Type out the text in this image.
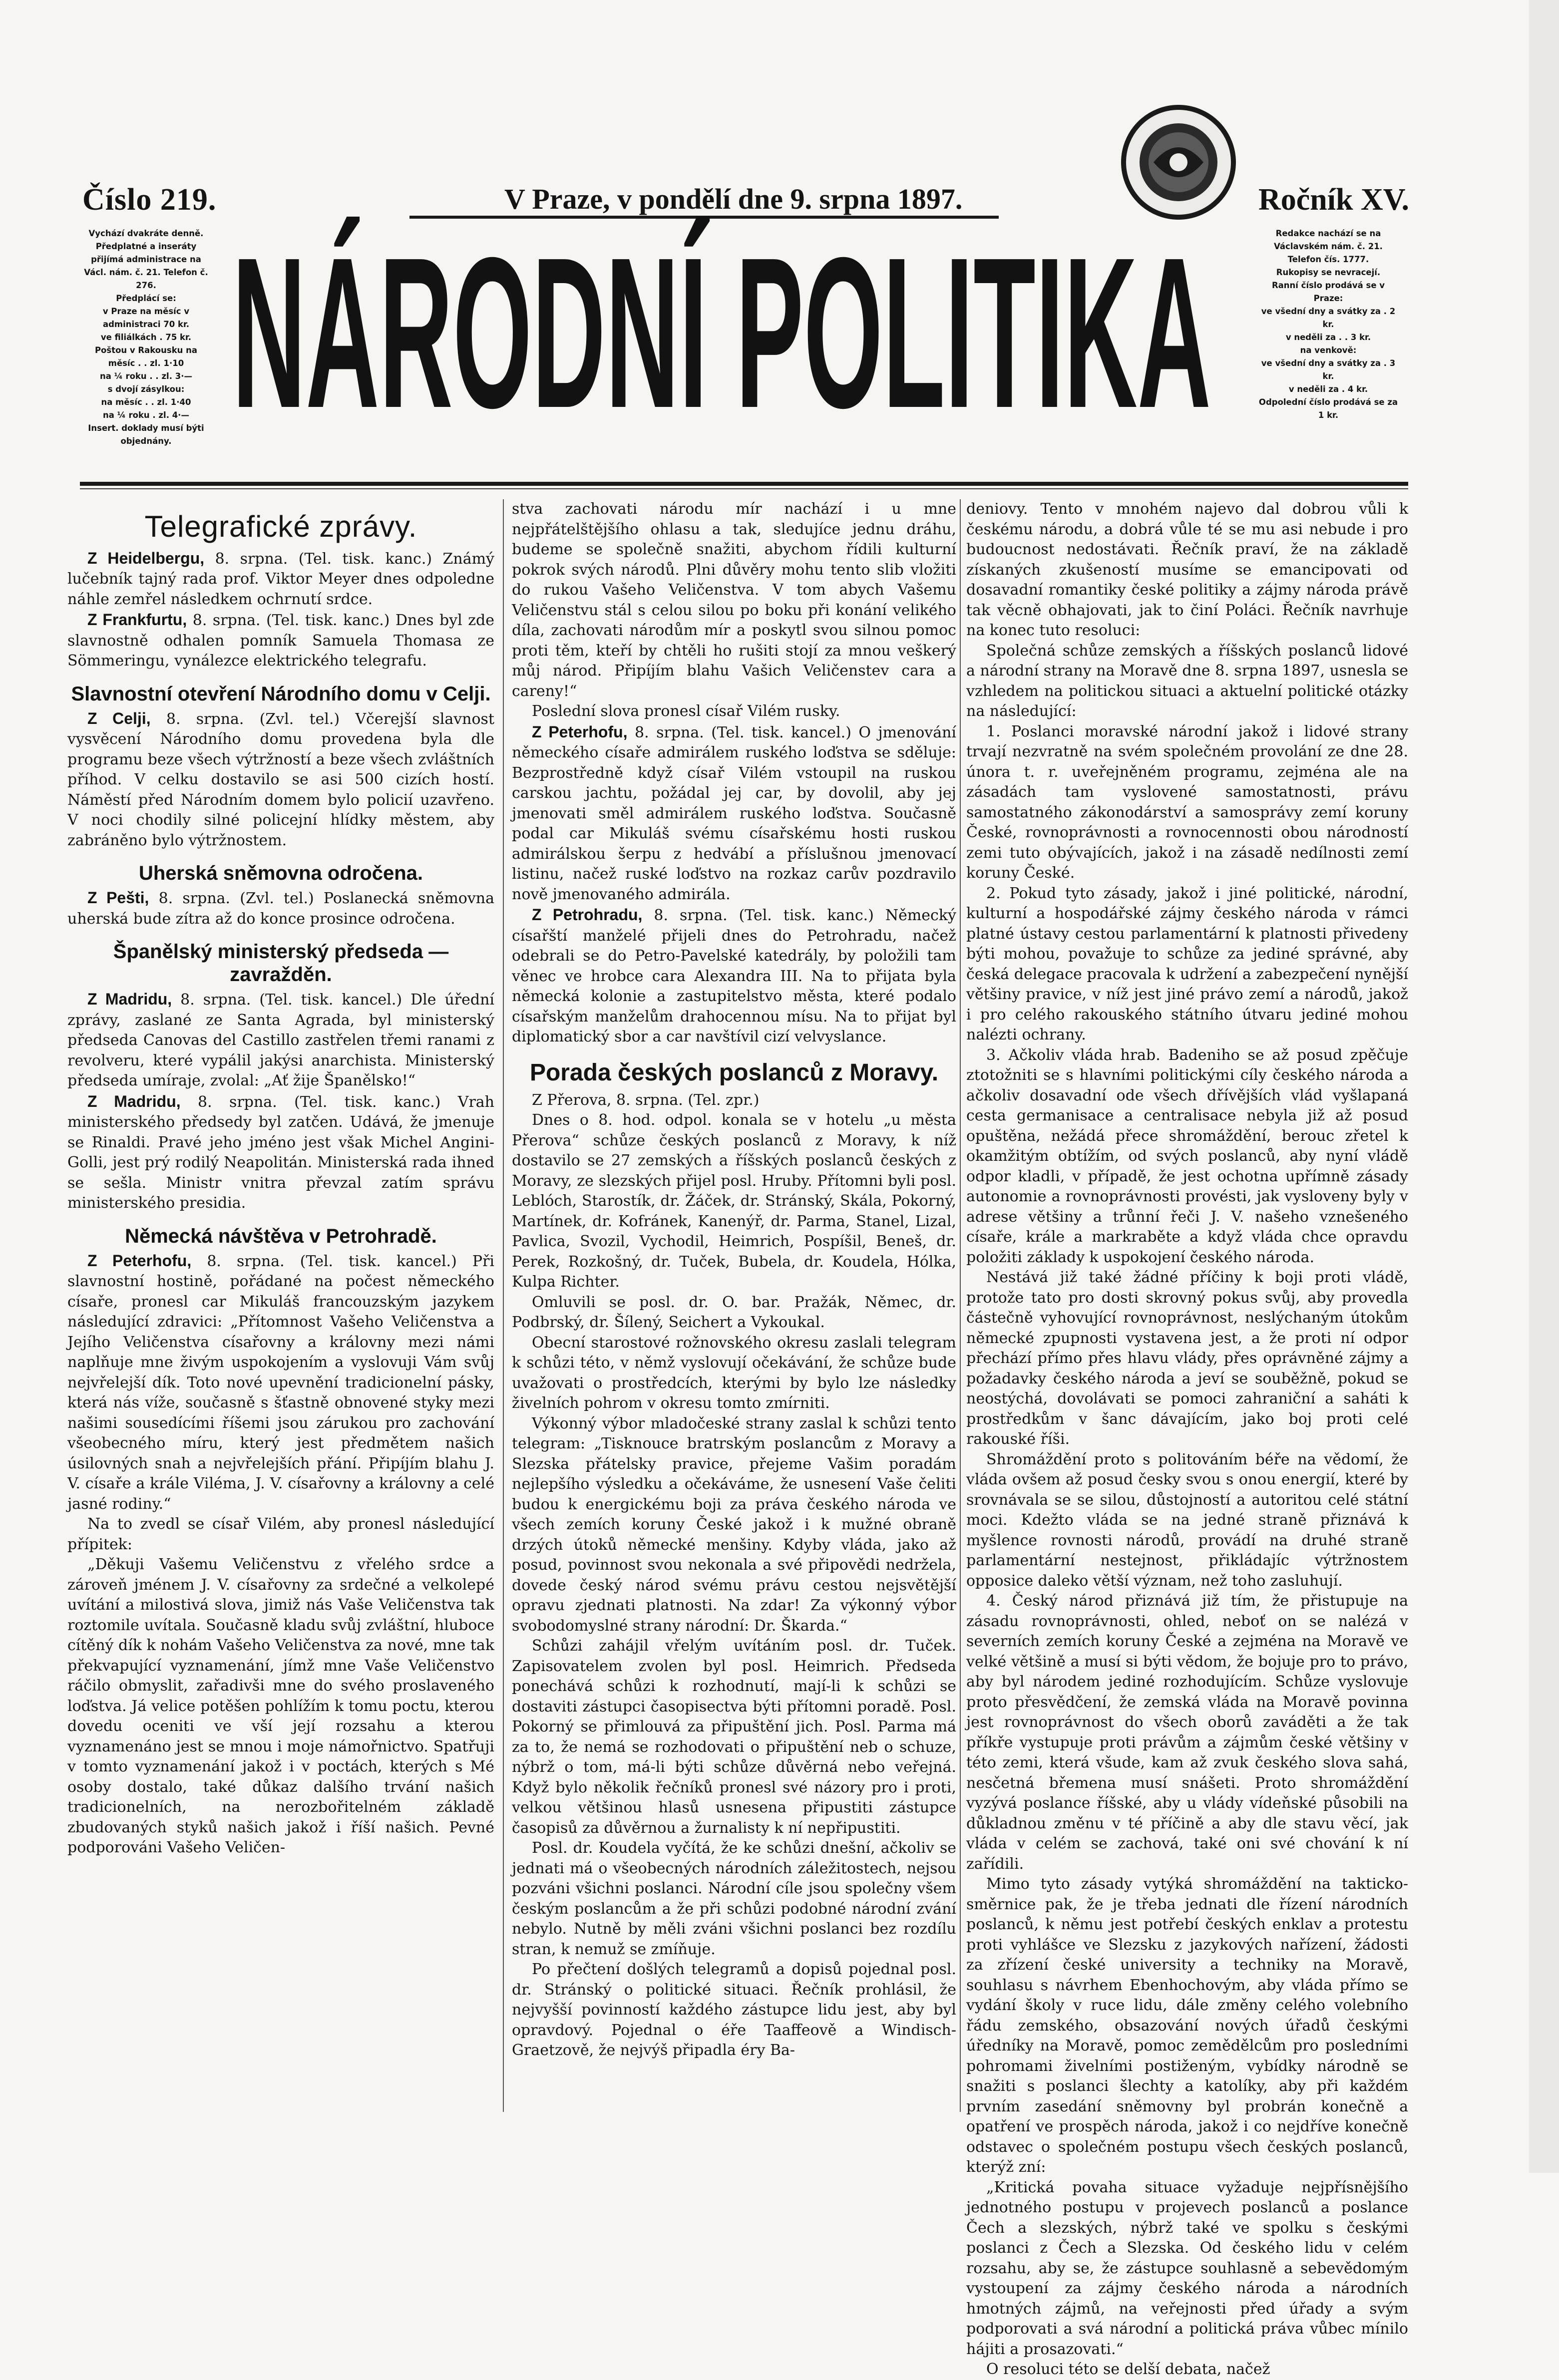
Číslo 219.	V Praze, v pondělí dne 9. srpna 1897.	Ročník XV.
NÁRODNÍ POLITIKA

Vychází dvakráte denně.

Předplatné a inseráty přijímá administrace na Václ. nám. č. 21. Telefon č. 276.

Předplácí se:

v Praze na měsíc v administraci 70 kr.

ve filiálkách . 75 kr.

Poštou v Rakousku na měsíc . . zl. 1·10

na ¼ roku . . zl. 3·—

s dvojí zásylkou:

na měsíc . . zl. 1·40

na ¼ roku . zl. 4·—

Insert. doklady musí býti objednány.

Redakce nachází se na Václavském nám. č. 21.

Telefon čís. 1777.

Rukopisy se nevracejí.

Ranní číslo prodává se v Praze:

ve všední dny a svátky za . 2 kr.

v neděli za . . 3 kr.

na venkově:

ve všední dny a svátky za . 3 kr.

v neděli za . 4 kr.

Odpolední číslo prodává se za 1 kr.

Telegrafické zprávy.

Z Heidelbergu, 8. srpna. (Tel. tisk. kanc.) Známý lučebník tajný rada prof. Viktor Meyer dnes odpoledne náhle zemřel následkem ochrnutí srdce.

Z Frankfurtu, 8. srpna. (Tel. tisk. kanc.) Dnes byl zde slavnostně odhalen pomník Samuela Thomasa ze Sömmeringu, vynálezce elektrického telegrafu.

Slavnostní otevření Národního domu v Celji.

Z Celji, 8. srpna. (Zvl. tel.) Včerejší slavnost vysvěcení Národního domu provedena byla dle programu beze všech výtržností a beze všech zvláštních příhod. V celku dostavilo se asi 500 cizích hostí. Náměstí před Národním domem bylo policií uzavřeno. V noci chodily silné policejní hlídky městem, aby zabráněno bylo výtržnostem.

Uherská sněmovna odročena.

Z Pešti, 8. srpna. (Zvl. tel.) Poslanecká sněmovna uherská bude zítra až do konce prosince odročena.

Španělský ministerský předseda — zavražděn.

Z Madridu, 8. srpna. (Tel. tisk. kancel.) Dle úřední zprávy, zaslané ze Santa Agrada, byl ministerský předseda Canovas del Castillo zastřelen třemi ranami z revolveru, které vypálil jakýsi anarchista. Ministerský předseda umíraje, zvolal: „Ať žije Španělsko!“

Z Madridu, 8. srpna. (Tel. tisk. kanc.) Vrah ministerského předsedy byl zatčen. Udává, že jmenuje se Rinaldi. Pravé jeho jméno jest však Michel Angini-Golli, jest prý rodilý Neapolitán. Ministerská rada ihned se sešla. Ministr vnitra převzal zatím správu ministerského presidia.

Německá návštěva v Petrohradě.

Z Peterhofu, 8. srpna. (Tel. tisk. kancel.) Při slavnostní hostině, pořádané na počest německého císaře, pronesl car Mikuláš francouzským jazykem následující zdravici: „Přítomnost Vašeho Veličenstva a Jejího Veličenstva císařovny a královny mezi námi naplňuje mne živým uspokojením a vyslovuji Vám svůj nejvřelejší dík. Toto nové upevnění tradicionelní pásky, která nás víže, současně s šťastně obnovené styky mezi našimi sousedícími říšemi jsou zárukou pro zachování všeobecného míru, který jest předmětem našich úsilovných snah a nejvřelejších přání. Připíjím blahu J. V. císaře a krále Viléma, J. V. císařovny a královny a celé jasné rodiny.“

Na to zvedl se císař Vilém, aby pronesl následující přípitek:

„Děkuji Vašemu Veličenstvu z vřelého srdce a zároveň jménem J. V. císařovny za srdečné a velkolepé uvítání a milostivá slova, jimiž nás Vaše Veličenstva tak roztomile uvítala. Současně kladu svůj zvláštní, hluboce cítěný dík k nohám Vašeho Veličenstva za nové, mne tak překvapující vyznamenání, jímž mne Vaše Veličenstvo ráčilo obmyslit, zařadivši mne do svého proslaveného loďstva. Já velice potěšen pohlížím k tomu poctu, kterou dovedu oceniti ve vší její rozsahu a kterou vyznamenáno jest se mnou i moje námořnictvo. Spatřuji v tomto vyznamenání jakož i v poctách, kterých s Mé osoby dostalo, také důkaz dalšího trvání našich tradicionelních, na nerozbořitelném základě zbudovaných styků našich jakož i říší našich. Pevné podporováni Vašeho Veličen-

stva zachovati národu mír nachází i u mne nejpřátelštějšího ohlasu a tak, sledujíce jednu dráhu, budeme se společně snažiti, abychom řídili kulturní pokrok svých národů. Plni důvěry mohu tento slib vložiti do rukou Vašeho Veličenstva. V tom abych Vašemu Veličenstvu stál s celou silou po boku při konání velikého díla, zachovati národům mír a poskytl svou silnou pomoc proti těm, kteří by chtěli ho rušiti stojí za mnou veškerý můj národ. Připíjím blahu Vašich Veličenstev cara a careny!“

Poslední slova pronesl císař Vilém rusky.

Z Peterhofu, 8. srpna. (Tel. tisk. kancel.) O jmenování německého císaře admirálem ruského loďstva se sděluje: Bezprostředně když císař Vilém vstoupil na ruskou carskou jachtu, požádal jej car, by dovolil, aby jej jmenovati směl admirálem ruského loďstva. Současně podal car Mikuláš svému císařskému hosti ruskou admirálskou šerpu z hedvábí a příslušnou jmenovací listinu, načež ruské loďstvo na rozkaz carův pozdravilo nově jmenovaného admirála.

Z Petrohradu, 8. srpna. (Tel. tisk. kanc.) Německý císařští manželé přijeli dnes do Petrohradu, načež odebrali se do Petro-Pavelské katedrály, by položili tam věnec ve hrobce cara Alexandra III. Na to přijata byla německá kolonie a zastupitelstvo města, které podalo císařským manželům drahocennou mísu. Na to přijat byl diplomatický sbor a car navštívil cizí velvyslance.

Porada českých poslanců z Moravy.

Z Přerova, 8. srpna. (Tel. zpr.)

Dnes o 8. hod. odpol. konala se v hotelu „u města Přerova“ schůze českých poslanců z Moravy, k níž dostavilo se 27 zemských a říšských poslanců českých z Moravy, ze slezských přijel posl. Hruby. Přítomni byli posl. Leblóch, Starostík, dr. Žáček, dr. Stránský, Skála, Pokorný, Martínek, dr. Kofránek, Kanenýř, dr. Parma, Stanel, Lizal, Pavlica, Svozil, Vychodil, Heimrich, Pospíšil, Beneš, dr. Perek, Rozkošný, dr. Tuček, Bubela, dr. Koudela, Hólka, Kulpa Richter.

Omluvili se posl. dr. O. bar. Pražák, Němec, dr. Podbrský, dr. Šílený, Seichert a Vykoukal.

Obecní starostové rožnovského okresu zaslali telegram k schůzi této, v němž vyslovují očekávání, že schůze bude uvažovati o prostředcích, kterými by bylo lze následky živelních pohrom v okresu tomto zmírniti.

Výkonný výbor mladočeské strany zaslal k schůzi tento telegram: „Tisknouce bratrským poslancům z Moravy a Slezska přátelsky pravice, přejeme Vašim poradám nejlepšího výsledku a očekáváme, že usnesení Vaše čeliti budou k energickému boji za práva českého národa ve všech zemích koruny České jakož i k mužné obraně drzých útoků německé menšiny. Kdyby vláda, jako až posud, povinnost svou nekonala a své připovědi nedržela, dovede český národ svému právu cestou nejsvětější opravu zjednati platnosti. Na zdar! Za výkonný výbor svobodomyslné strany národní: Dr. Škarda.“

Schůzi zahájil vřelým uvítáním posl. dr. Tuček. Zapisovatelem zvolen byl posl. Heimrich. Předseda ponechává schůzi k rozhodnutí, mají-li k schůzi se dostaviti zástupci časopisectva býti přítomni poradě. Posl. Pokorný se přimlouvá za připuštění jich. Posl. Parma má za to, že nemá se rozhodovati o připuštění neb o schuze, nýbrž o tom, má-li býti schůze důvěrná nebo veřejná. Když bylo několik řečníků pronesl své názory pro i proti, velkou většinou hlasů usnesena připustiti zástupce časopisů za důvěrnou a žurnalisty k ní nepřipustiti.

Posl. dr. Koudela vyčítá, že ke schůzi dnešní, ačkoliv se jednati má o všeobecných národních záležitostech, nejsou pozváni všichni poslanci. Národní cíle jsou společny všem českým poslancům a že při schůzi podobné národní zvání nebylo. Nutně by měli zváni všichni poslanci bez rozdílu stran, k nemuž se zmíňuje.

Po přečtení došlých telegramů a dopisů pojednal posl. dr. Stránský o politické situaci. Řečník prohlásil, že nejvyšší povinností každého zástupce lidu jest, aby byl opravdový. Pojednal o éře Taaffeově a Windisch-Graetzově, že nejvýš připadla éry Ba-

deniovy. Tento v mnohém najevo dal dobrou vůli k českému národu, a dobrá vůle té se mu asi nebude i pro budoucnost nedostávati. Řečník praví, že na základě získaných zkušeností musíme se emancipovati od dosavadní romantiky české politiky a zájmy národa právě tak věcně obhajovati, jak to činí Poláci. Řečník navrhuje na konec tuto resoluci:

Společná schůze zemských a říšských poslanců lidové a národní strany na Moravě dne 8. srpna 1897, usnesla se vzhledem na politickou situaci a aktuelní politické otázky na následující:

1. Poslanci moravské národní jakož i lidové strany trvají nezvratně na svém společném provolání ze dne 28. února t. r. uveřejněném programu, zejména ale na zásadách tam vyslovené samostatnosti, právu samostatného zákonodárství a samosprávy zemí koruny České, rovnoprávnosti a rovnocennosti obou národností zemi tuto obývajících, jakož i na zásadě nedílnosti zemí koruny České.

2. Pokud tyto zásady, jakož i jiné politické, národní, kulturní a hospodářské zájmy českého národa v rámci platné ústavy cestou parlamentární k platnosti přivedeny býti mohou, považuje to schůze za jediné správné, aby česká delegace pracovala k udržení a zabezpečení nynější většiny pravice, v níž jest jiné právo zemí a národů, jakož i pro celého rakouského státního útvaru jediné mohou nalézti ochrany.

3. Ačkoliv vláda hrab. Badeniho se až posud zpěčuje ztotožniti se s hlavními politickými cíly českého národa a ačkoliv dosavadní ode všech dřívějších vlád vyšlapaná cesta germanisace a centralisace nebyla již až posud opuštěna, nežádá přece shromáždění, berouc zřetel k okamžitým obtížím, od svých poslanců, aby nyní vládě odpor kladli, v případě, že jest ochotna upřímně zásady autonomie a rovnoprávnosti provésti, jak vysloveny byly v adrese většiny a trůnní řeči J. V. našeho vznešeného císaře, krále a markraběte a když vláda chce opravdu položiti základy k uspokojení českého národa.

Nestává již také žádné příčiny k boji proti vládě, protože tato pro dosti skrovný pokus svůj, aby provedla částečně vyhovující rovnoprávnost, neslýchaným útokům německé zpupnosti vystavena jest, a že proti ní odpor přechází přímo přes hlavu vlády, přes oprávněné zájmy a požadavky českého národa a jeví se souběžně, pokud se neostýchá, dovolávati se pomoci zahraniční a saháti k prostředkům v šanc dávajícím, jako boj proti celé rakouské říši.

Shromáždění proto s politováním béře na vědomí, že vláda ovšem až posud česky svou s onou energií, které by srovnávala se se silou, důstojností a autoritou celé státní moci. Kdežto vláda se na jedné straně přiznává k myšlence rovnosti národů, provádí na druhé straně parlamentární nestejnost, přikládajíc výtržnostem opposice daleko větší význam, než toho zasluhují.

4. Český národ přiznává již tím, že přistupuje na zásadu rovnoprávnosti, ohled, neboť on se nalézá v severních zemích koruny České a zejména na Moravě ve velké většině a musí si býti vědom, že bojuje pro to právo, aby byl národem jediné rozhodujícím. Schůze vyslovuje proto přesvědčení, že zemská vláda na Moravě povinna jest rovnoprávnost do všech oborů zaváděti a že tak příkře vystupuje proti právům a zájmům české většiny v této zemi, která všude, kam až zvuk českého slova sahá, nesčetná břemena musí snášeti. Proto shromáždění vyzývá poslance říšské, aby u vlády vídeňské působili na důkladnou změnu v té příčině a aby dle stavu věcí, jak vláda v celém se zachová, také oni své chování k ní zařídili.

Mimo tyto zásady vytýká shromáždění na takticko-směrnice pak, že je třeba jednati dle řízení národních poslanců, k němu jest potřebí českých enklav a protestu proti vyhlášce ve Slezsku z jazykových nařízení, žádosti za zřízení české university a techniky na Moravě, souhlasu s návrhem Ebenhochovým, aby vláda přímo se vydání školy v ruce lidu, dále změny celého volebního řádu zemského, obsazování nových úřadů českými úředníky na Moravě, pomoc zemědělcům pro posledními pohromami živelními postiženým, vybídky národně se snažiti s poslanci šlechty a katolíky, aby při každém prvním zasedání sněmovny byl probrán konečně a opatření ve prospěch národa, jakož i co nejdříve konečně odstavec o společném postupu všech českých poslanců, kterýž zní:

„Kritická povaha situace vyžaduje nejpřísnějšího jednotného postupu v projevech poslanců a poslance Čech a slezských, nýbrž také ve spolku s českými poslanci z Čech a Slezska. Od českého lidu v celém rozsahu, aby se, že zástupce souhlasně a sebevědomým vystoupení za zájmy českého národa a národních hmotných zájmů, na veřejnosti před úřady a svým podporovati a svá národní a politická práva vůbec mínilo hájiti a prosazovati.“

O resoluci této se delší debata, načež
